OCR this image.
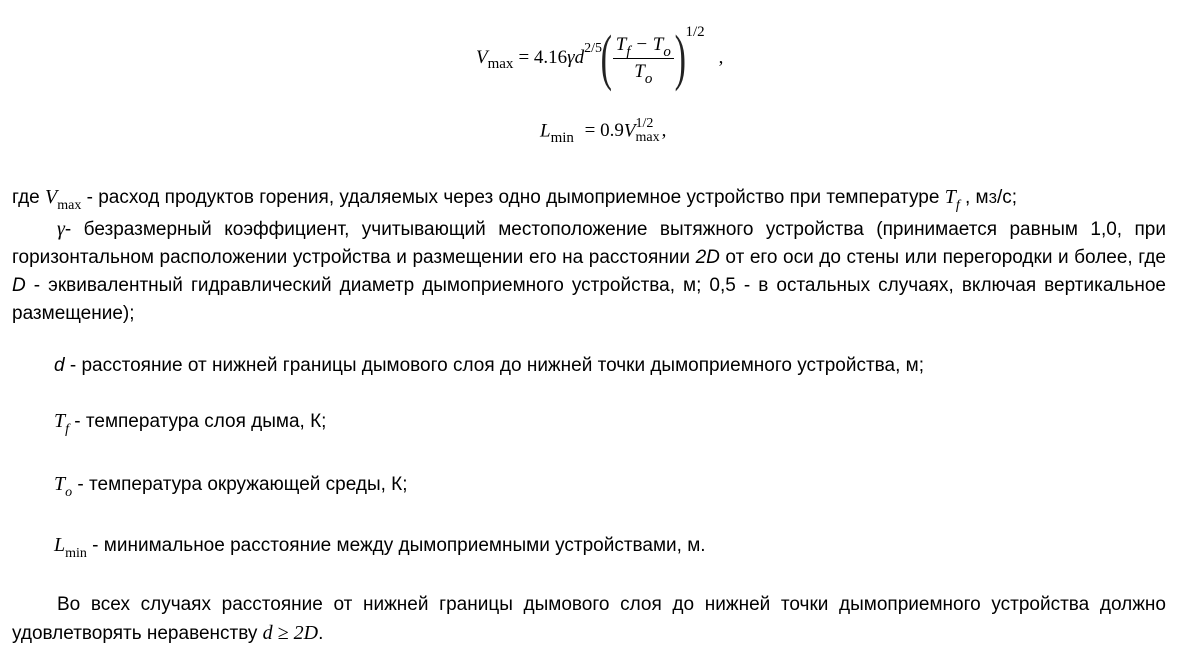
V max = 4.16 γ d 2/5
( $\frac{T_f - T_o}{T_o}$ ) 1/2
,
$L_{min} = 0.9V$ 1/2
max ,
где $V_{max}$ - расход продуктов горения, удаляемых через одно дымоприемное устройство при температуре $T_f$ , м3/с;
γ- безразмерный коэффициент, учитывающий местоположение вытяжного устройства (принимается равным 1,0, при горизонтальном расположении устройства и размещении его на расстоянии 2D от его оси до стены или перегородки и более, где D - эквивалентный гидравлический диаметр дымоприемного устройства, м; 0,5 - в остальных случаях, включая вертикальное размещение);
d - расстояние от нижней границы дымового слоя до нижней точки дымоприемного устройства, м;
$T_f$ - температура слоя дыма, К;
$T_o$ - температура окружающей среды, К;
$L_{min}$ - минимальное расстояние между дымоприемными устройствами, м.
Во всех случаях расстояние от нижней границы дымового слоя до нижней точки дымоприемного устройства должно удовлетворять неравенству d ≥ 2D.
